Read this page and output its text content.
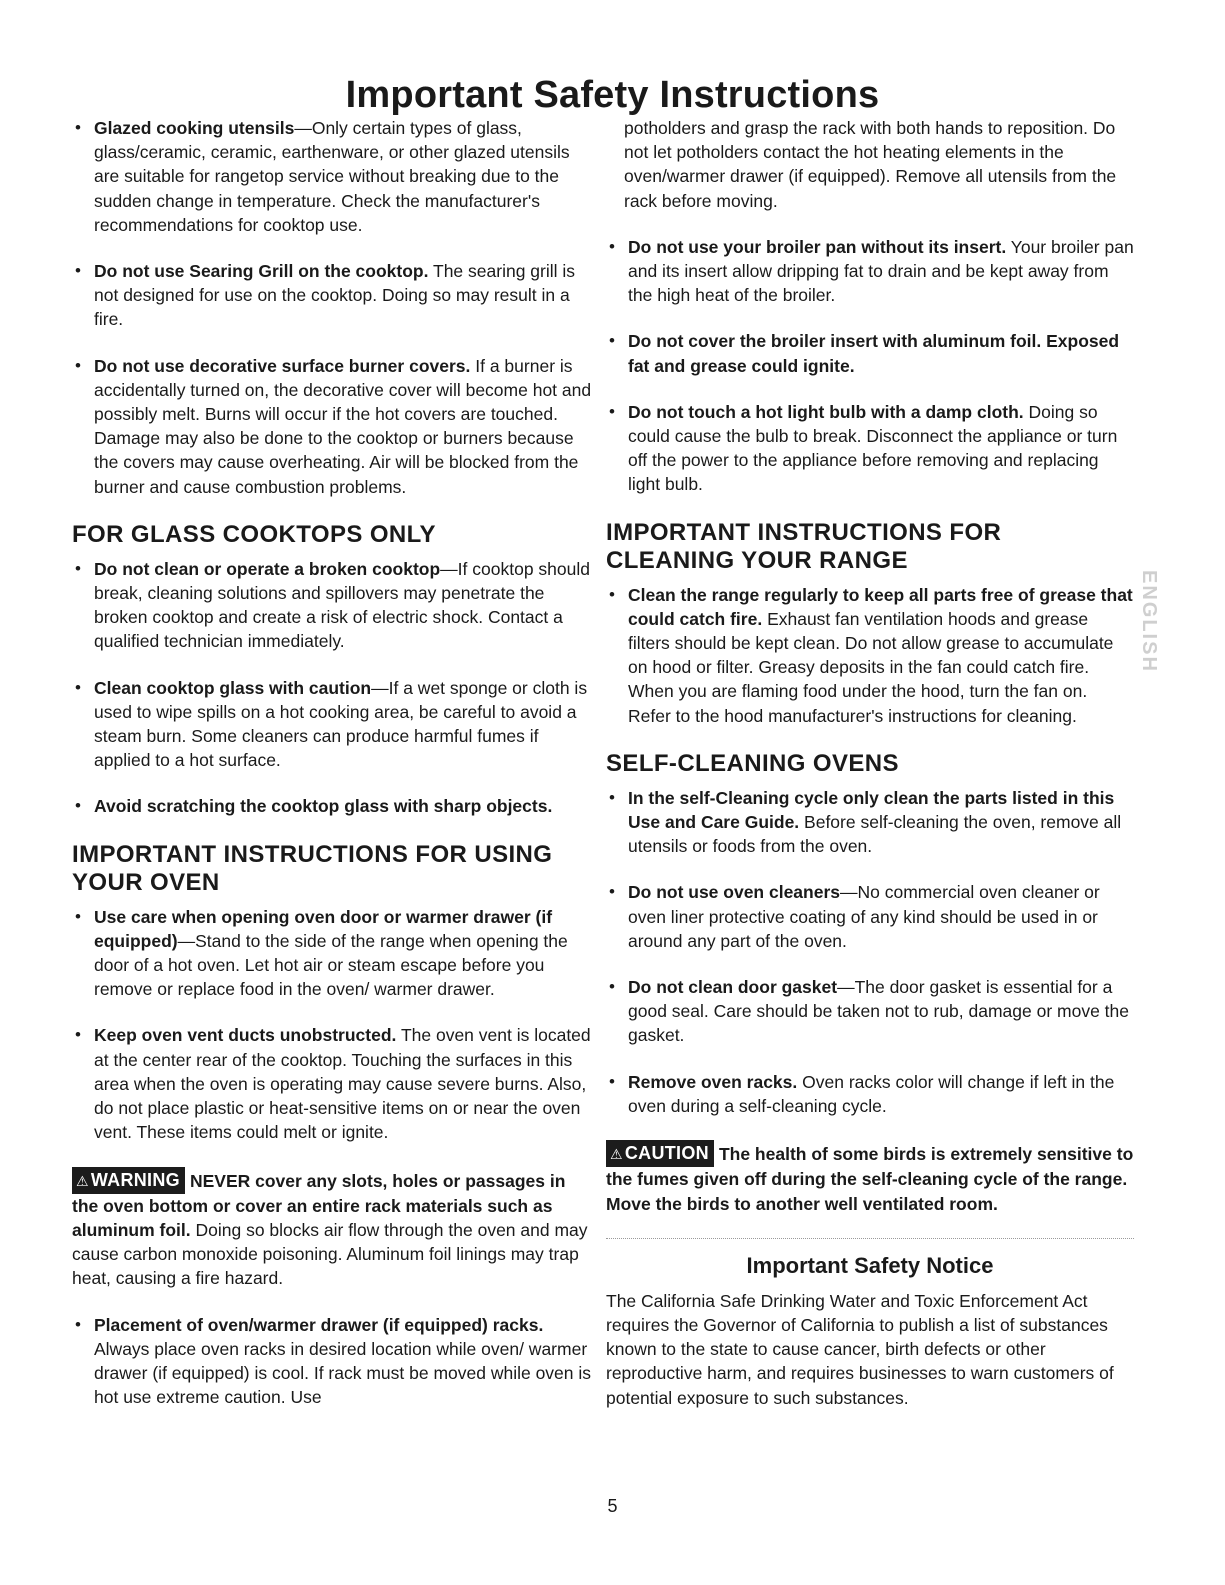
Important Safety Instructions

• Glazed cooking utensils—Only certain types of glass, glass/ceramic, ceramic, earthenware, or other glazed utensils are suitable for rangetop service without breaking due to the sudden change in temperature. Check the manufacturer's recommendations for cooktop use.

• Do not use Searing Grill on the cooktop. The searing grill is not designed for use on the cooktop. Doing so may result in a fire.

• Do not use decorative surface burner covers. If a burner is accidentally turned on, the decorative cover will become hot and possibly melt. Burns will occur if the hot covers are touched. Damage may also be done to the cooktop or burners because the covers may cause overheating. Air will be blocked from the burner and cause combustion problems.

FOR GLASS COOKTOPS ONLY

• Do not clean or operate a broken cooktop—If cooktop should break, cleaning solutions and spillovers may penetrate the broken cooktop and create a risk of electric shock. Contact a qualified technician immediately.

• Clean cooktop glass with caution—If a wet sponge or cloth is used to wipe spills on a hot cooking area, be careful to avoid a steam burn. Some cleaners can produce harmful fumes if applied to a hot surface.

• Avoid scratching the cooktop glass with sharp objects.

IMPORTANT INSTRUCTIONS FOR USING YOUR OVEN

• Use care when opening oven door or warmer drawer (if equipped)—Stand to the side of the range when opening the door of a hot oven. Let hot air or steam escape before you remove or replace food in the oven/ warmer drawer.

• Keep oven vent ducts unobstructed. The oven vent is located at the center rear of the cooktop. Touching the surfaces in this area when the oven is operating may cause severe burns. Also, do not place plastic or heat-sensitive items on or near the oven vent. These items could melt or ignite.

⚠ WARNING NEVER cover any slots, holes or passages in the oven bottom or cover an entire rack materials such as aluminum foil. Doing so blocks air flow through the oven and may cause carbon monoxide poisoning. Aluminum foil linings may trap heat, causing a fire hazard.

• Placement of oven/warmer drawer (if equipped) racks. Always place oven racks in desired location while oven/ warmer drawer (if equipped) is cool. If rack must be moved while oven is hot use extreme caution. Use

potholders and grasp the rack with both hands to reposition. Do not let potholders contact the hot heating elements in the oven/warmer drawer (if equipped). Remove all utensils from the rack before moving.

• Do not use your broiler pan without its insert. Your broiler pan and its insert allow dripping fat to drain and be kept away from the high heat of the broiler.

• Do not cover the broiler insert with aluminum foil. Exposed fat and grease could ignite.

• Do not touch a hot light bulb with a damp cloth. Doing so could cause the bulb to break. Disconnect the appliance or turn off the power to the appliance before removing and replacing light bulb.

IMPORTANT INSTRUCTIONS FOR CLEANING YOUR RANGE

• Clean the range regularly to keep all parts free of grease that could catch fire. Exhaust fan ventilation hoods and grease filters should be kept clean. Do not allow grease to accumulate on hood or filter. Greasy deposits in the fan could catch fire. When you are flaming food under the hood, turn the fan on. Refer to the hood manufacturer's instructions for cleaning.

SELF-CLEANING OVENS

• In the self-Cleaning cycle only clean the parts listed in this Use and Care Guide. Before self-cleaning the oven, remove all utensils or foods from the oven.

• Do not use oven cleaners—No commercial oven cleaner or oven liner protective coating of any kind should be used in or around any part of the oven.

• Do not clean door gasket—The door gasket is essential for a good seal. Care should be taken not to rub, damage or move the gasket.

• Remove oven racks. Oven racks color will change if left in the oven during a self-cleaning cycle.

⚠ CAUTION The health of some birds is extremely sensitive to the fumes given off during the self-cleaning cycle of the range. Move the birds to another well ventilated room.

Important Safety Notice
The California Safe Drinking Water and Toxic Enforcement Act requires the Governor of California to publish a list of substances known to the state to cause cancer, birth defects or other reproductive harm, and requires businesses to warn customers of potential exposure to such substances.
ENGLISH
5
